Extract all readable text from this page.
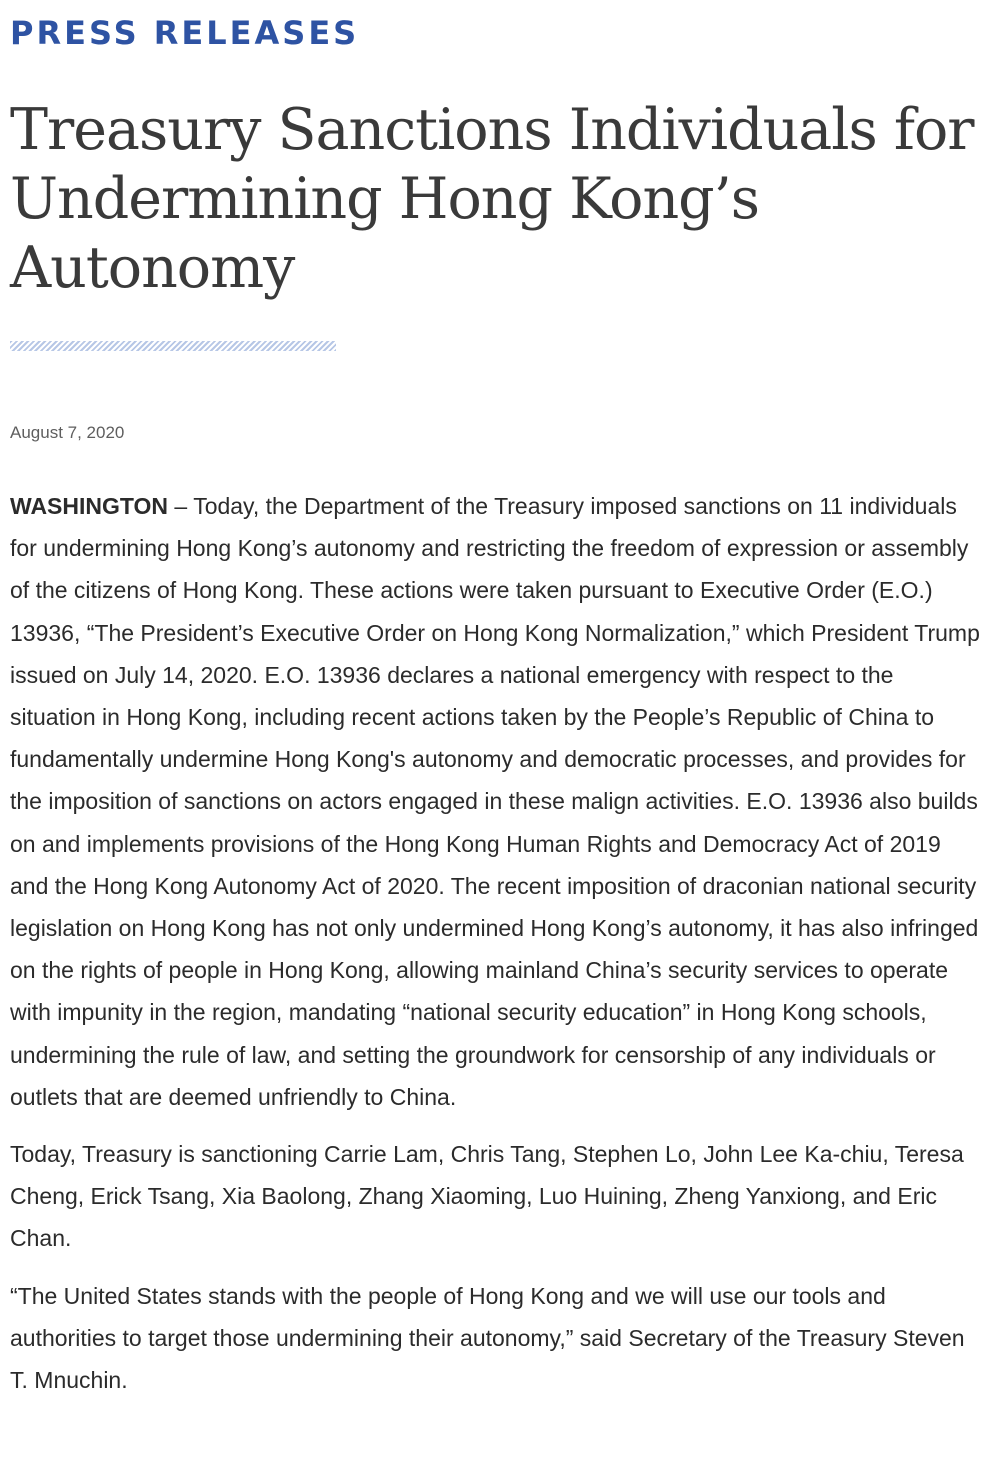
PRESS RELEASES
Treasury Sanctions Individuals for Undermining Hong Kong’s Autonomy
August 7, 2020

WASHINGTON – Today, the Department of the Treasury imposed sanctions on 11 individuals for undermining Hong Kong’s autonomy and restricting the freedom of expression or assembly of the citizens of Hong Kong. These actions were taken pursuant to Executive Order (E.O.) 13936, “The President’s Executive Order on Hong Kong Normalization,” which President Trump issued on July 14, 2020. E.O. 13936 declares a national emergency with respect to the situation in Hong Kong, including recent actions taken by the People’s Republic of China to fundamentally undermine Hong Kong's autonomy and democratic processes, and provides for the imposition of sanctions on actors engaged in these malign activities. E.O. 13936 also builds on and implements provisions of the Hong Kong Human Rights and Democracy Act of 2019 and the Hong Kong Autonomy Act of 2020. The recent imposition of draconian national security legislation on Hong Kong has not only undermined Hong Kong’s autonomy, it has also infringed on the rights of people in Hong Kong, allowing mainland China’s security services to operate with impunity in the region, mandating “national security education” in Hong Kong schools, undermining the rule of law, and setting the groundwork for censorship of any individuals or outlets that are deemed unfriendly to China.

Today, Treasury is sanctioning Carrie Lam, Chris Tang, Stephen Lo, John Lee Ka-chiu, Teresa Cheng, Erick Tsang, Xia Baolong, Zhang Xiaoming, Luo Huining, Zheng Yanxiong, and Eric Chan.

“The United States stands with the people of Hong Kong and we will use our tools and authorities to target those undermining their autonomy,” said Secretary of the Treasury Steven T. Mnuchin.
